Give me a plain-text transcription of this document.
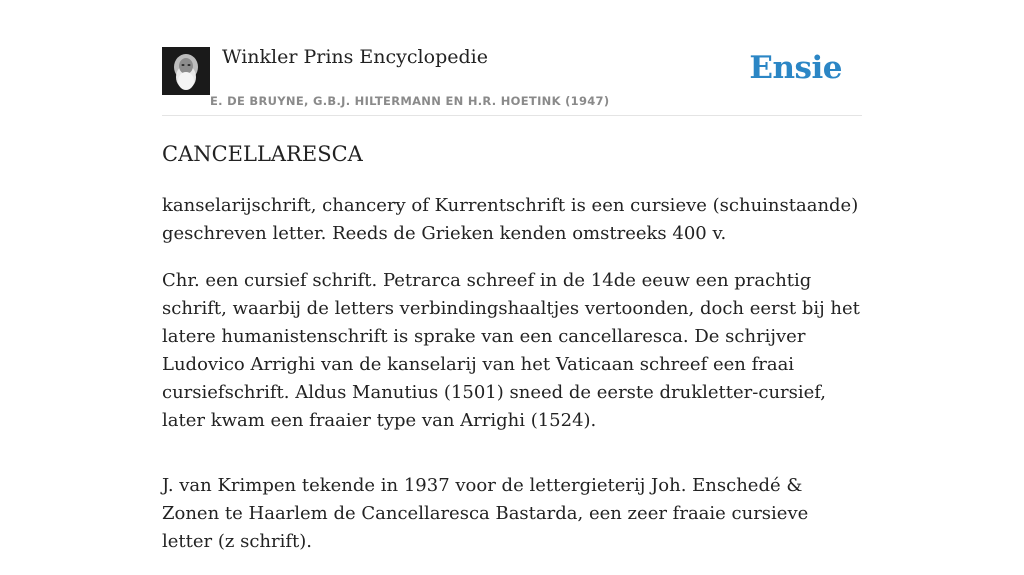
Winkler Prins Encyclopedie
E. DE BRUYNE, G.B.J. HILTERMANN EN H.R. HOETINK (1947)
Ensie
CANCELLARESCA

kanselarijschrift, chancery of Kurrentschrift is een cursieve (schuinstaande) geschreven letter. Reeds de Grieken kenden omstreeks 400 v.

Chr. een cursief schrift. Petrarca schreef in de 14de eeuw een prachtig schrift, waarbij de letters verbindingshaaltjes vertoonden, doch eerst bij het latere humanistenschrift is sprake van een cancellaresca. De schrijver Ludovico Arrighi van de kanselarij van het Vaticaan schreef een fraai cursiefschrift. Aldus Manutius (1501) sneed de eerste drukletter-cursief, later kwam een fraaier type van Arrighi (1524).

J. van Krimpen tekende in 1937 voor de lettergieterij Joh. Enschedé & Zonen te Haarlem de Cancellaresca Bastarda, een zeer fraaie cursieve letter (z schrift).
